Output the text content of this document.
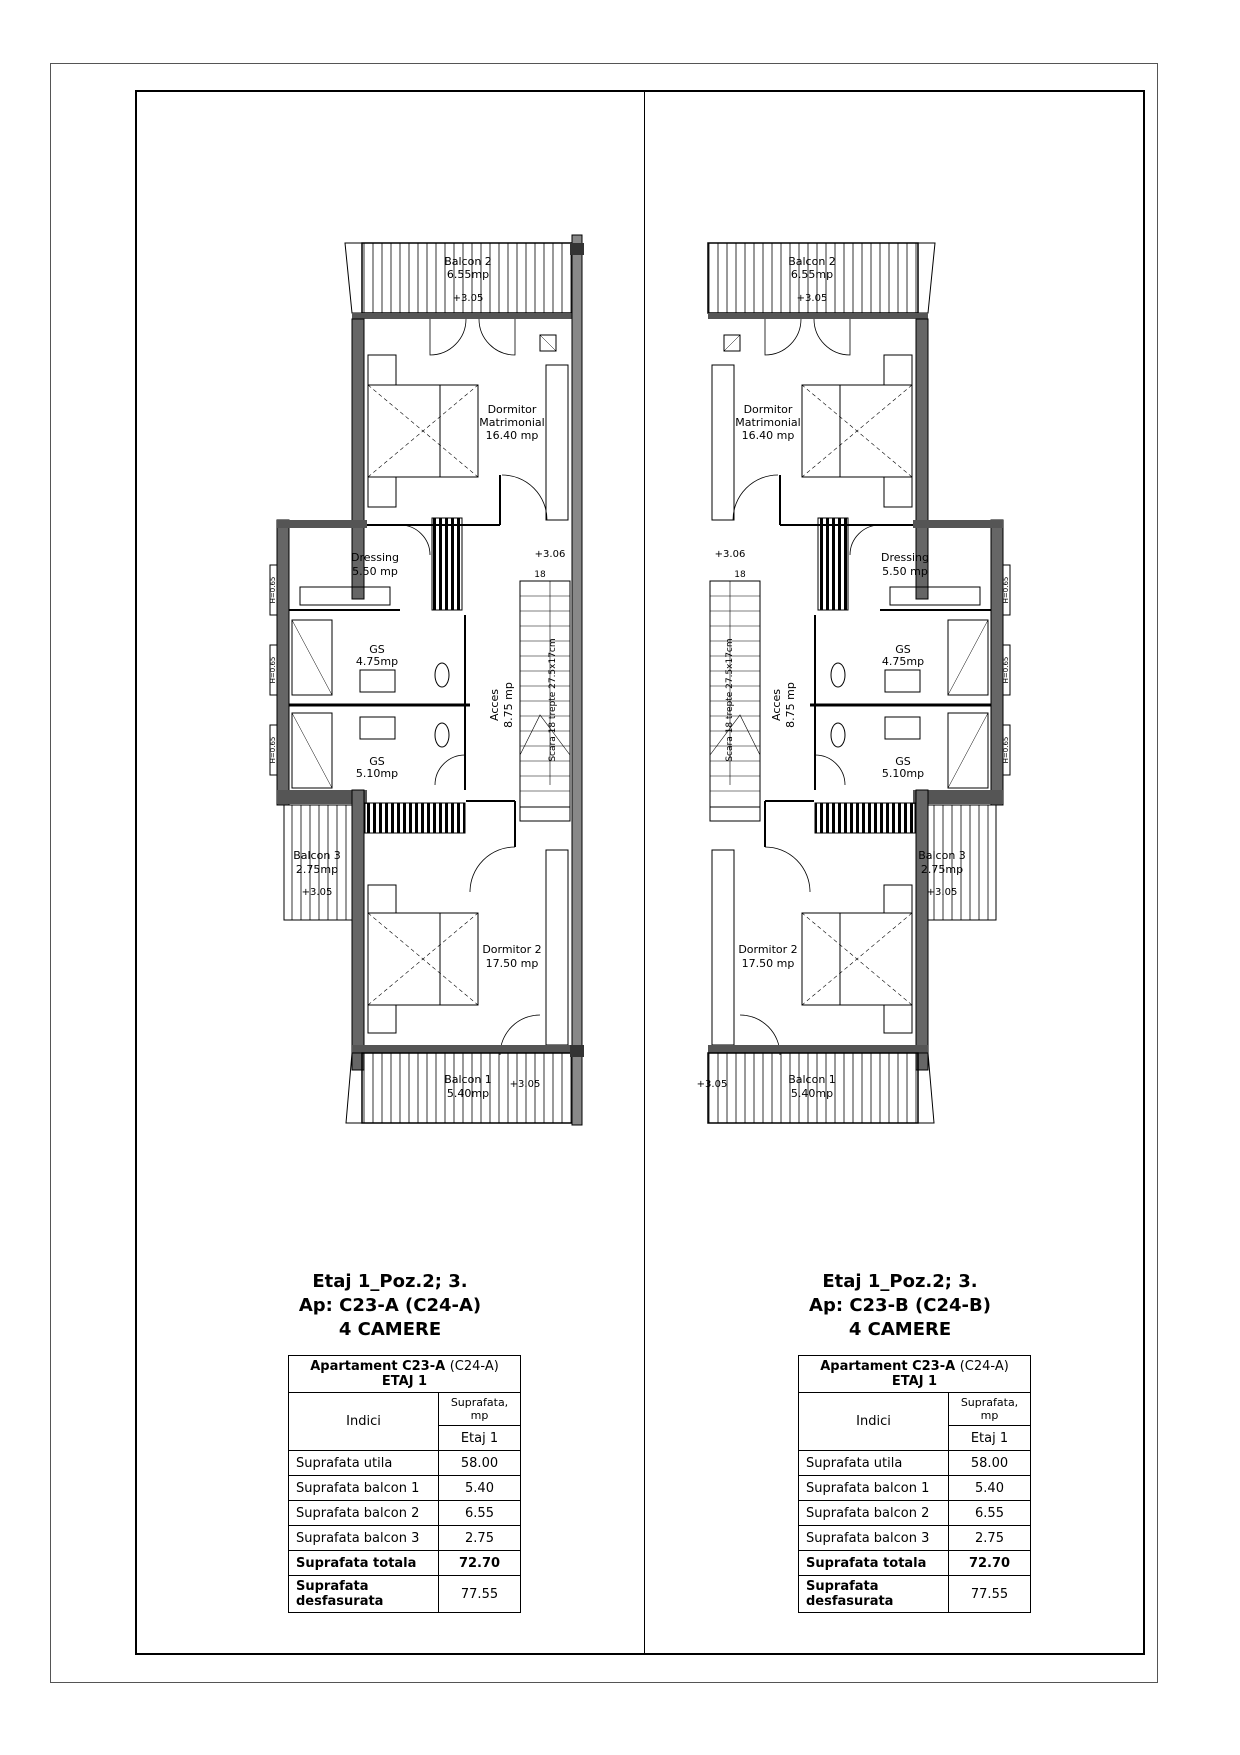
Balcon 2
6.55mp
+3.05
Dormitor
Matrimonial
16.40 mp
+3.06
18
Dressing
5.50 mp
GS
4.75mp
GS
5.10mp
Acces 8.75 mp	Scara 18 trepte 27.5x17cm
H=0.65
H=0.65
H=0.65
Balcon 3
2.75mp
+3.05
Dormitor 2
17.50 mp
Balcon 1
5.40mp
+3.05
Balcon 2
6.55mp
+3.05
Dormitor
Matrimonial
16.40 mp
+3.06
18
Dressing
5.50 mp
GS
4.75mp
GS
5.10mp
Acces 8.75 mp
Scara 18 trepte 27.5x17cm
H=0.65
H=0.65
H=0.65
Balcon 3
2.75mp
+3.05
Dormitor 2
17.50 mp
Balcon 1
5.40mp
+3.05
Etaj 1_Poz.2; 3.
Ap: C23-A (C24-A)
4 CAMERE
Etaj 1_Poz.2; 3.
Ap: C23-B (C24-B)
4 CAMERE
Apartament C23-A (C24-A)
ETAJ 1	
Indici	Suprafata, mp
	Etaj 1
Suprafata utila	58.00
Suprafata balcon 1	5.40
Suprafata balcon 2	6.55
Suprafata balcon 3	2.75
Suprafata totala	72.70
Suprafata desfasurata	77.55
Apartament C23-A (C24-A)
ETAJ 1	
Indici	Suprafata, mp
	Etaj 1
Suprafata utila	58.00
Suprafata balcon 1	5.40
Suprafata balcon 2	6.55
Suprafata balcon 3	2.75
Suprafata totala	72.70
Suprafata desfasurata	77.55
